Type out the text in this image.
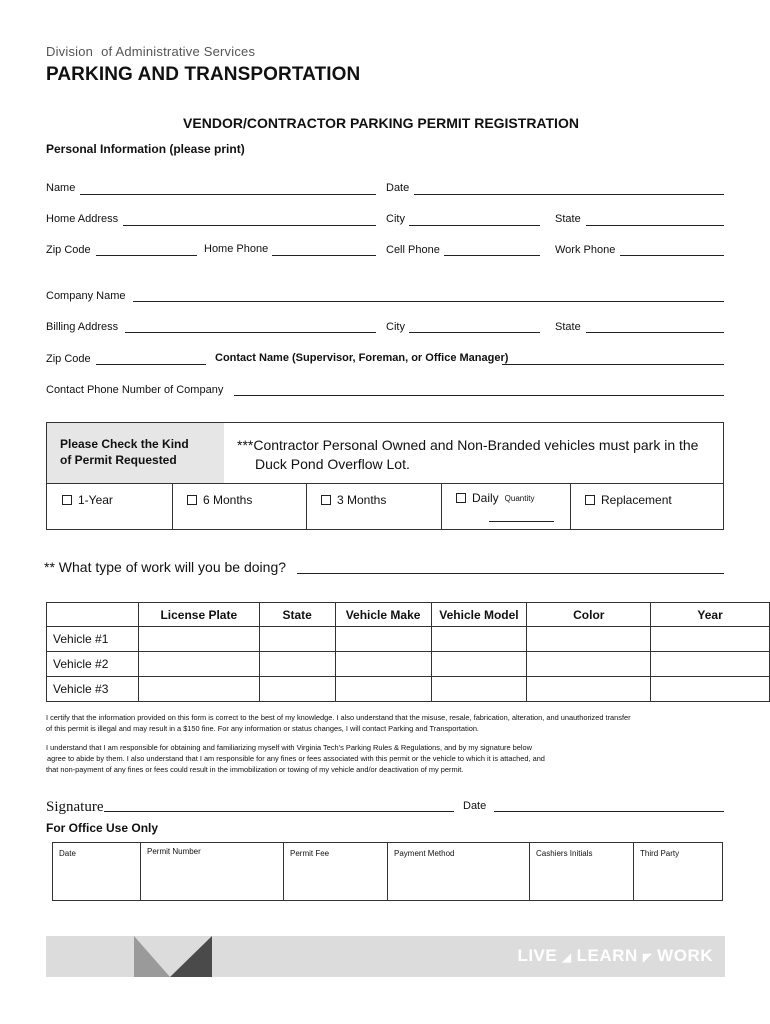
Division of Administrative Services
PARKING AND TRANSPORTATION
VENDOR/CONTRACTOR PARKING PERMIT REGISTRATION
Personal Information (please print)
Name	Date
Home Address	City	State
Zip Code	Home Phone	Cell Phone	Work Phone
Company Name
Billing Address	City	State
Zip Code	Contact Name (Supervisor, Foreman, or Office Manager)
Contact Phone Number of Company
Please Check the Kind
of Permit Requested
***Contractor Personal Owned and Non-Branded vehicles must park in the
Duck Pond Overflow Lot.
1-Year	6 Months	3 Months	Daily Quantity	Replacement
** What type of work will you be doing?
	License Plate	State	Vehicle Make	Vehicle Model	Color	Year
Vehicle #1						
Vehicle #2						
Vehicle #3						
I certify that the information provided on this form is correct to the best of my knowledge. I also understand that the misuse, resale, fabrication, alteration, and unauthorized transfer
of this permit is illegal and may result in a $150 fine. For any information or status changes, I will contact Parking and Transportation.
I understand that I am responsible for obtaining and familiarizing myself with Virginia Tech’s Parking Rules & Regulations, and by my signature below
agree to abide by them. I also understand that I am responsible for any fines or fees associated with this permit or the vehicle to which it is attached, and
that non-payment of any fines or fees could result in the immobilization or towing of my vehicle and/or deactivation of my permit.
Signature	Date
For Office Use Only
Date	Permit Number	Permit Fee	Payment Method	Cashiers Initials	Third Party
LIVE ◢ LEARN ◤ WORK
